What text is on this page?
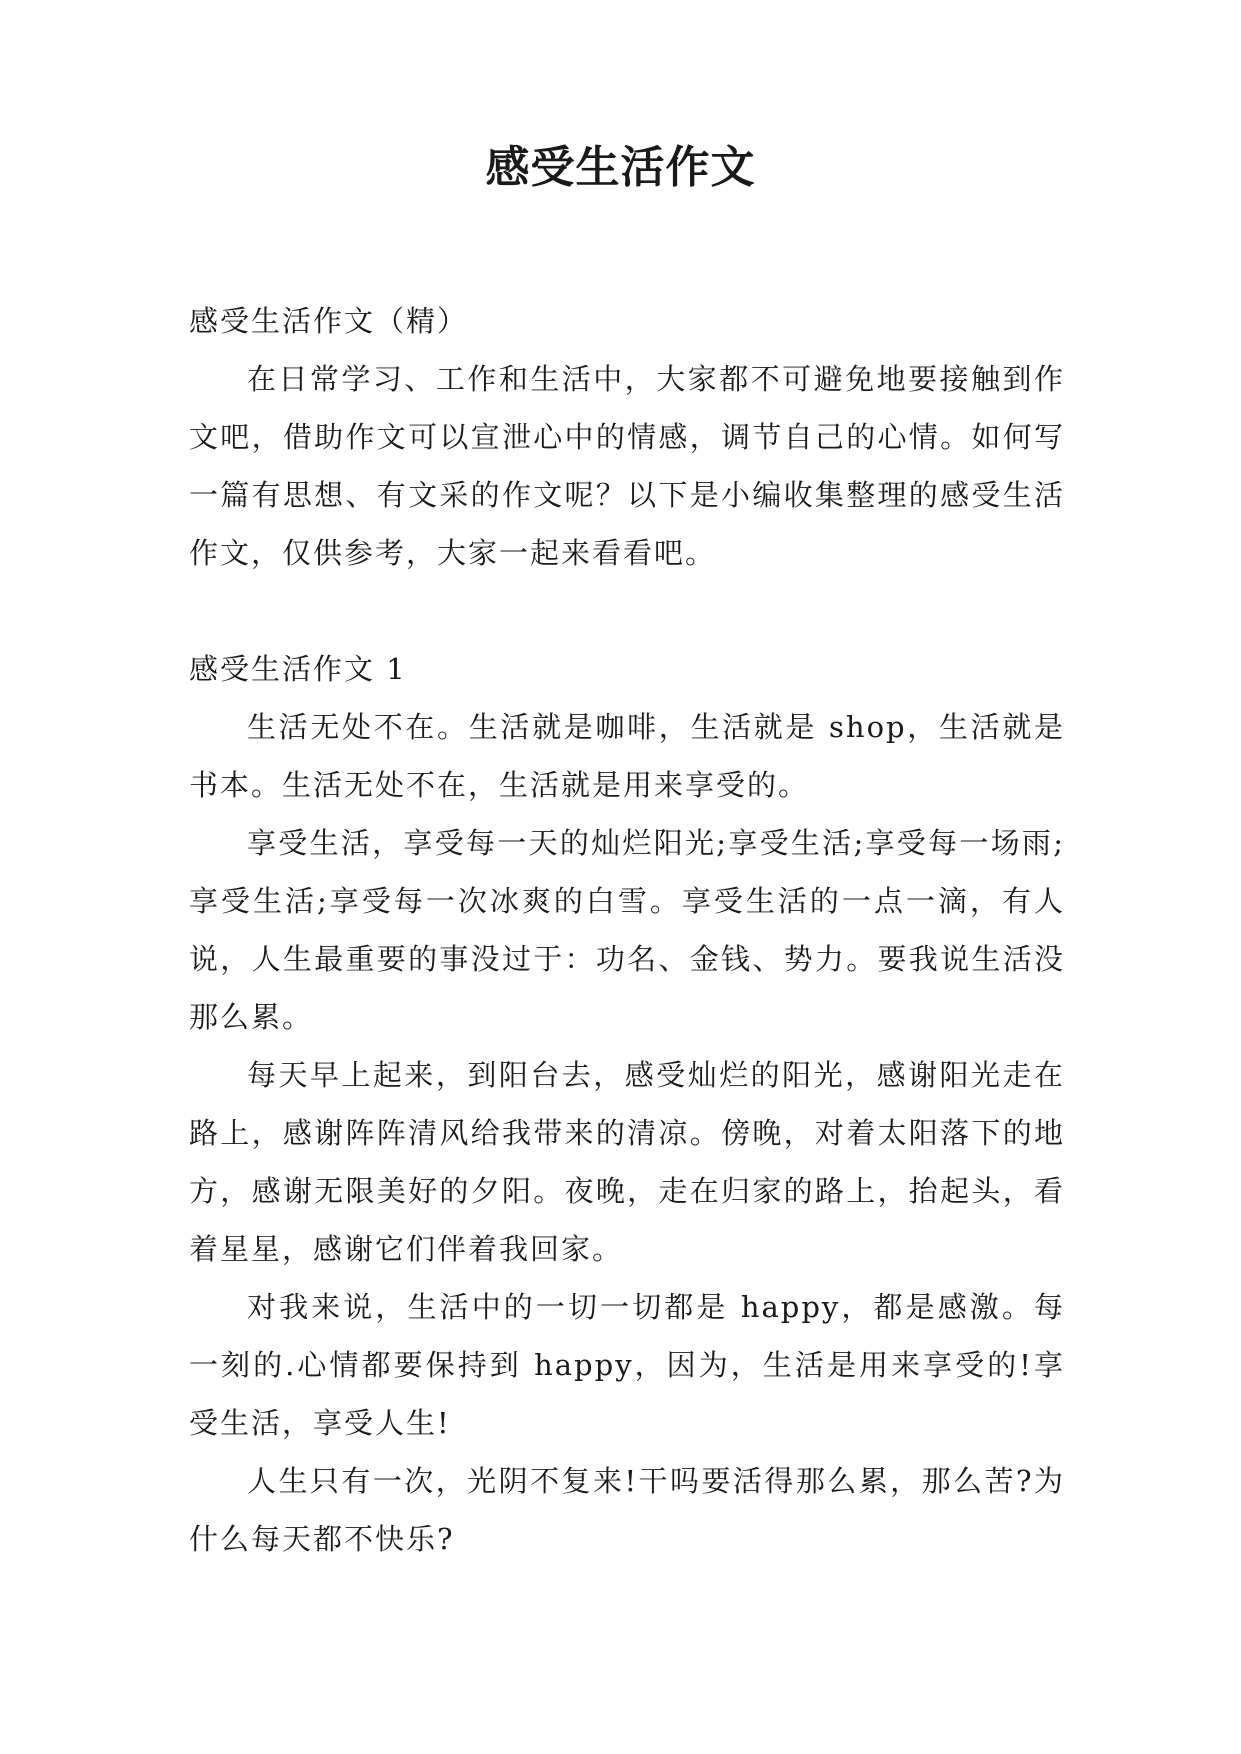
感受生活作文
感受生活作文（精）

在日常学习、工作和生活中，大家都不可避免地要接触到作文吧，借助作文可以宣泄心中的情感，调节自己的心情。如何写一篇有思想、有文采的作文呢？以下是小编收集整理的感受生活作文，仅供参考，大家一起来看看吧。

感受生活作文 1

生活无处不在。生活就是咖啡，生活就是 shop，生活就是书本。生活无处不在，生活就是用来享受的。

享受生活，享受每一天的灿烂阳光;享受生活;享受每一场雨;享受生活;享受每一次冰爽的白雪。享受生活的一点一滴，有人说，人生最重要的事没过于：功名、金钱、势力。要我说生活没那么累。

每天早上起来，到阳台去，感受灿烂的阳光，感谢阳光走在路上，感谢阵阵清风给我带来的清凉。傍晚，对着太阳落下的地方，感谢无限美好的夕阳。夜晚，走在归家的路上，抬起头，看着星星，感谢它们伴着我回家。

对我来说，生活中的一切一切都是 happy，都是感激。每一刻的.心情都要保持到 happy，因为，生活是用来享受的!享受生活，享受人生!

人生只有一次，光阴不复来!干吗要活得那么累，那么苦?为什么每天都不快乐?
